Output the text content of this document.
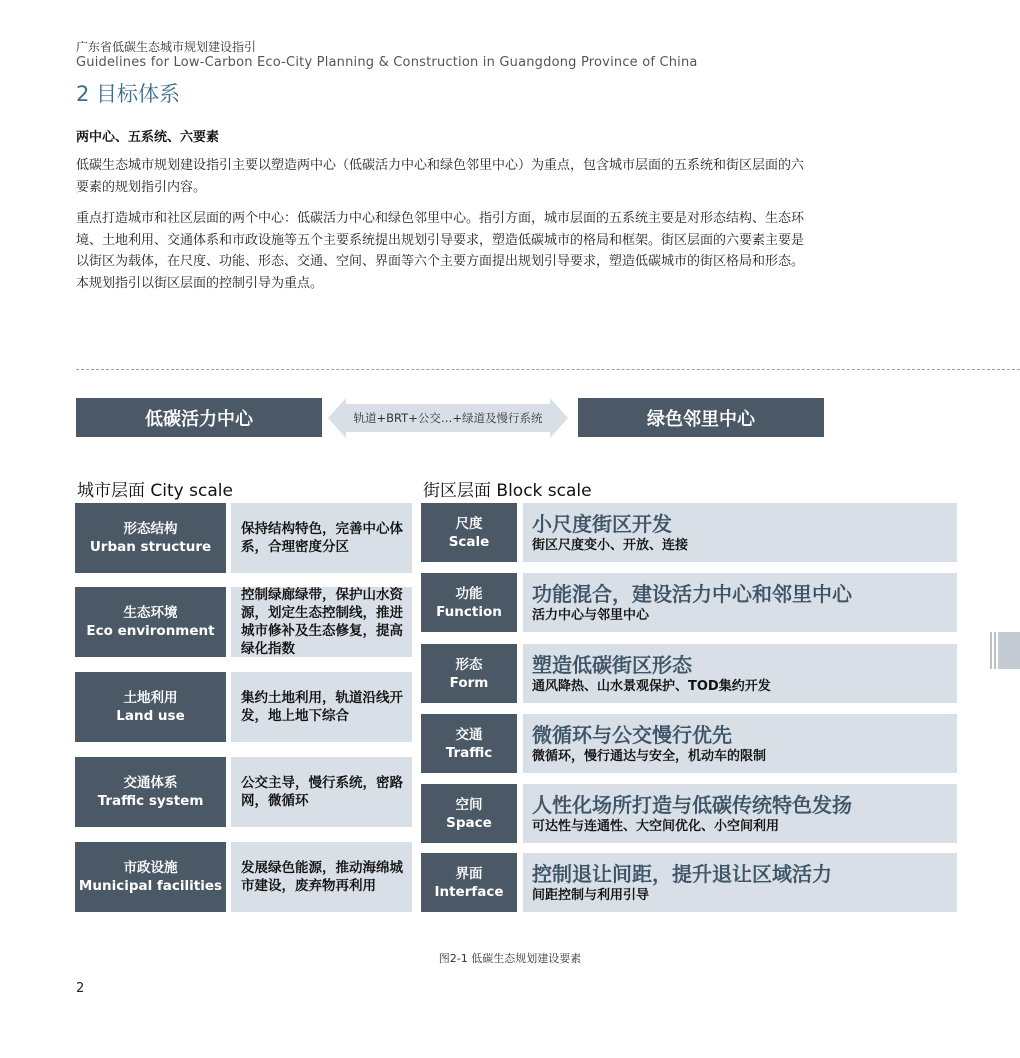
广东省低碳生态城市规划建设指引
Guidelines for Low-Carbon Eco-City Planning & Construction in Guangdong Province of China
2 目标体系
两中心、五系统、六要素
低碳生态城市规划建设指引主要以塑造两中心（低碳活力中心和绿色邻里中心）为重点，包含城市层面的五系统和街区层面的六要素的规划指引内容。
重点打造城市和社区层面的两个中心：低碳活力中心和绿色邻里中心。指引方面，城市层面的五系统主要是对形态结构、生态环境、土地利用、交通体系和市政设施等五个主要系统提出规划引导要求，塑造低碳城市的格局和框架。街区层面的六要素主要是以街区为载体，在尺度、功能、形态、交通、空间、界面等六个主要方面提出规划引导要求，塑造低碳城市的街区格局和形态。本规划指引以街区层面的控制引导为重点。
低碳活力中心	轨道+BRT+公交…+绿道及慢行系统	绿色邻里中心
城市层面 City scale	街区层面 Block scale
形态结构
Urban structure
保持结构特色，完善中心体系，合理密度分区
生态环境
Eco environment
控制绿廊绿带，保护山水资源，划定生态控制线，推进城市修补及生态修复，提高绿化指数
土地利用
Land use
集约土地利用，轨道沿线开发，地上地下综合
交通体系
Traffic system
公交主导，慢行系统，密路网，微循环
市政设施
Municipal facilities
发展绿色能源，推动海绵城市建设，废弃物再利用
尺度
Scale
小尺度街区开发
街区尺度变小、开放、连接
功能
Function
功能混合，建设活力中心和邻里中心
活力中心与邻里中心
形态
Form
塑造低碳街区形态
通风降热、山水景观保护、TOD集约开发
交通
Traffic
微循环与公交慢行优先
微循环，慢行通达与安全，机动车的限制
空间
Space
人性化场所打造与低碳传统特色发扬
可达性与连通性、大空间优化、小空间利用
界面
Interface
控制退让间距，提升退让区域活力
间距控制与利用引导
图2-1 低碳生态规划建设要素
2
